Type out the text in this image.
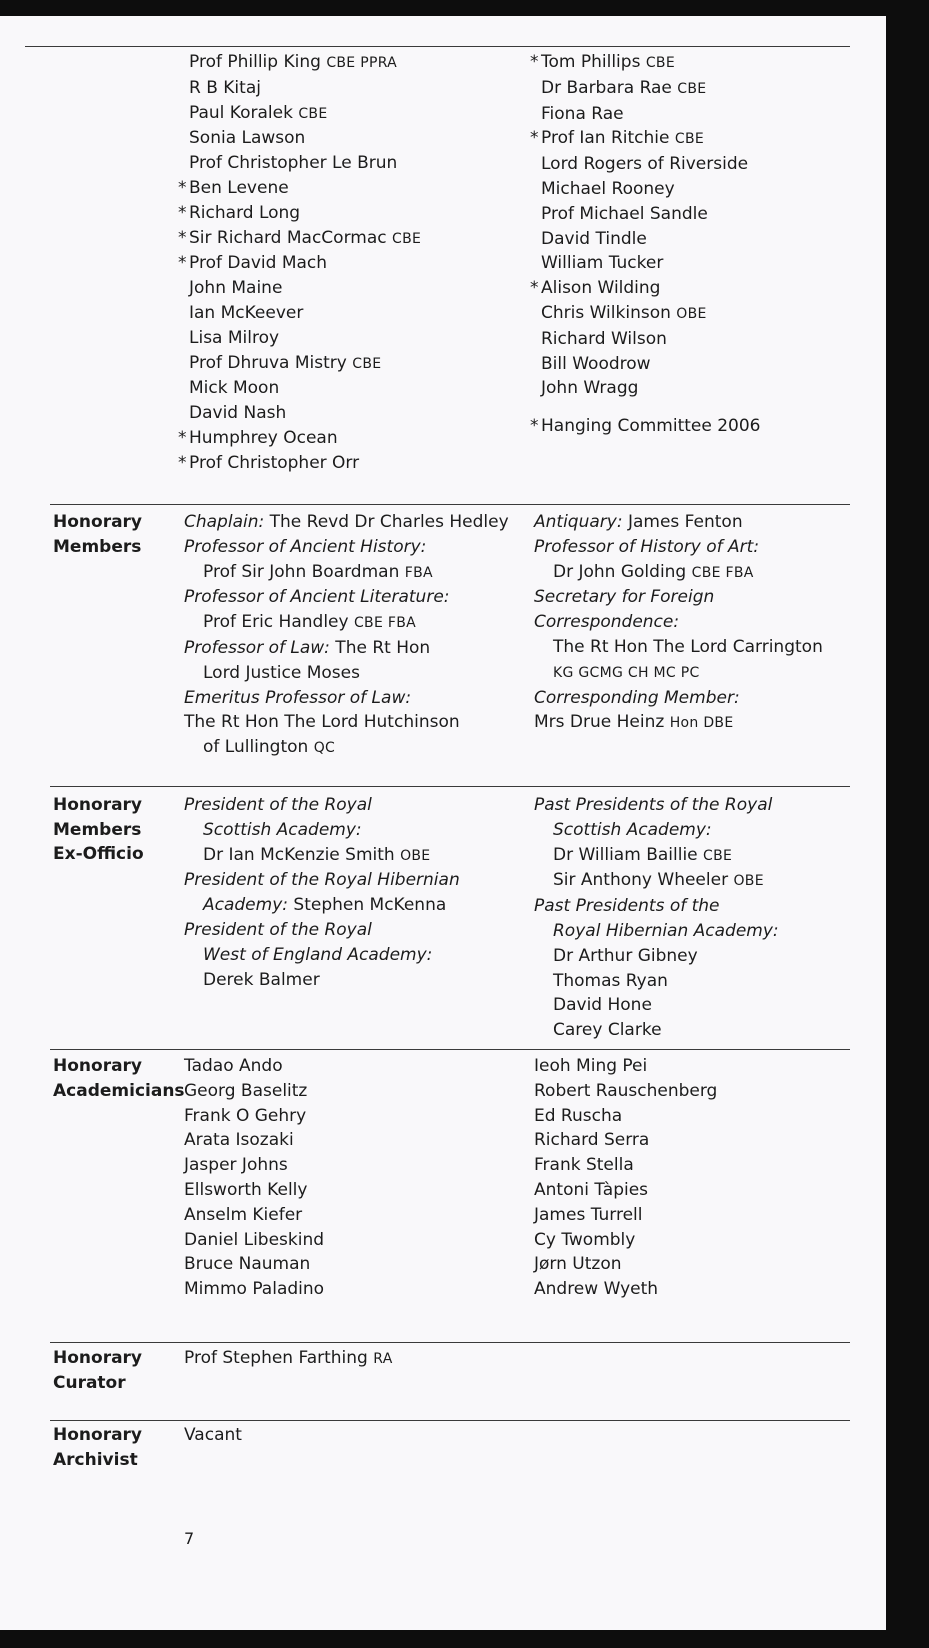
Prof Phillip King CBE PPRA
R B Kitaj
Paul Koralek CBE
Sonia Lawson
Prof Christopher Le Brun
* Ben Levene
* Richard Long
* Sir Richard MacCormac CBE
* Prof David Mach
John Maine
Ian McKeever
Lisa Milroy
Prof Dhruva Mistry CBE
Mick Moon
David Nash
* Humphrey Ocean
* Prof Christopher Orr
* Tom Phillips CBE
Dr Barbara Rae CBE
Fiona Rae
* Prof Ian Ritchie CBE
Lord Rogers of Riverside
Michael Rooney
Prof Michael Sandle
David Tindle
William Tucker
* Alison Wilding
Chris Wilkinson OBE
Richard Wilson
Bill Woodrow
John Wragg
* Hanging Committee 2006
Honorary
Members
Chaplain: The Revd Dr Charles Hedley
Professor of Ancient History:
Prof Sir John Boardman FBA
Professor of Ancient Literature:
Prof Eric Handley CBE FBA
Professor of Law: The Rt Hon
Lord Justice Moses
Emeritus Professor of Law:
The Rt Hon The Lord Hutchinson
of Lullington QC
Antiquary: James Fenton
Professor of History of Art:
Dr John Golding CBE FBA
Secretary for Foreign
Correspondence:
The Rt Hon The Lord Carrington
KG GCMG CH MC PC
Corresponding Member:
Mrs Drue Heinz Hon DBE
Honorary
Members
Ex-Officio
President of the Royal
Scottish Academy:
Dr Ian McKenzie Smith OBE
President of the Royal Hibernian
Academy: Stephen McKenna
President of the Royal
West of England Academy:
Derek Balmer
Past Presidents of the Royal
Scottish Academy:
Dr William Baillie CBE
Sir Anthony Wheeler OBE
Past Presidents of the
Royal Hibernian Academy:
Dr Arthur Gibney
Thomas Ryan
David Hone
Carey Clarke
Honorary
Academicians
Tadao Ando
Georg Baselitz
Frank O Gehry
Arata Isozaki
Jasper Johns
Ellsworth Kelly
Anselm Kiefer
Daniel Libeskind
Bruce Nauman
Mimmo Paladino
Ieoh Ming Pei
Robert Rauschenberg
Ed Ruscha
Richard Serra
Frank Stella
Antoni Tàpies
James Turrell
Cy Twombly
Jørn Utzon
Andrew Wyeth
Honorary
Curator
Prof Stephen Farthing RA
Honorary
Archivist
Vacant
7
